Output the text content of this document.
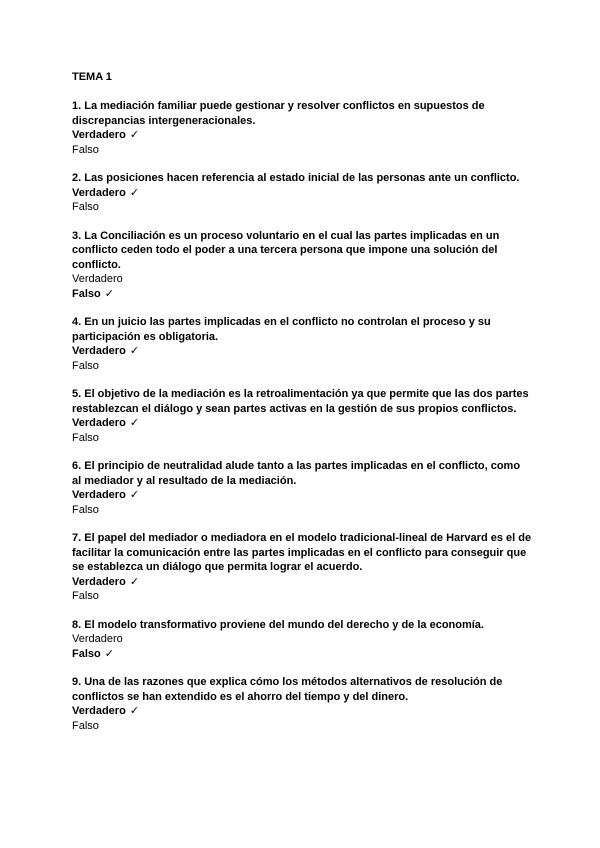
TEMA 1
1. La mediación familiar puede gestionar y resolver conflictos en supuestos de discrepancias intergeneracionales.
Verdadero ✓
Falso
2. Las posiciones hacen referencia al estado inicial de las personas ante un conflicto.
Verdadero ✓
Falso
3. La Conciliación es un proceso voluntario en el cual las partes implicadas en un conflicto ceden todo el poder a una tercera persona que impone una solución del conflicto.
Verdadero
Falso ✓
4. En un juicio las partes implicadas en el conflicto no controlan el proceso y su participación es obligatoria.
Verdadero ✓
Falso
5. El objetivo de la mediación es la retroalimentación ya que permite que las dos partes restablezcan el diálogo y sean partes activas en la gestión de sus propios conflictos.
Verdadero ✓
Falso
6. El principio de neutralidad alude tanto a las partes implicadas en el conflicto, como al mediador y al resultado de la mediación.
Verdadero ✓
Falso
7. El papel del mediador o mediadora en el modelo tradicional-lineal de Harvard es el de facilitar la comunicación entre las partes implicadas en el conflicto para conseguir que se establezca un diálogo que permita lograr el acuerdo.
Verdadero ✓
Falso
8. El modelo transformativo proviene del mundo del derecho y de la economía.
Verdadero
Falso ✓
9. Una de las razones que explica cómo los métodos alternativos de resolución de conflictos se han extendido es el ahorro del tiempo y del dinero.
Verdadero ✓
Falso
